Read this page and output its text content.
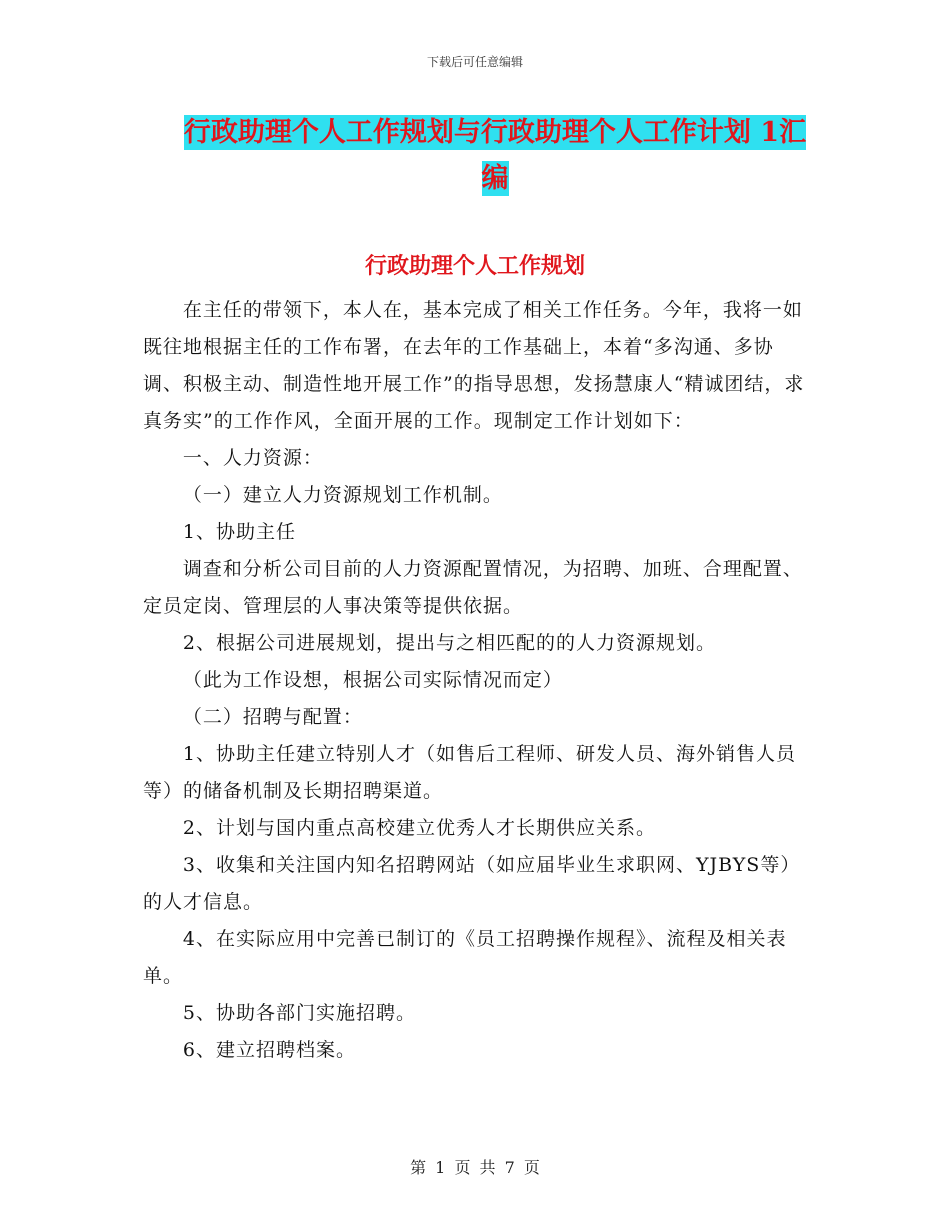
下载后可任意编辑
行政助理个人工作规划与行政助理个人工作计划 1汇编
行政助理个人工作规划

在主任的带领下，本人在，基本完成了相关工作任务。今年，我将一如既往地根据主任的工作布署，在去年的工作基础上，本着“多沟通、多协调、积极主动、制造性地开展工作”的指导思想，发扬慧康人“精诚团结，求真务实”的工作作风，全面开展的工作。现制定工作计划如下：

一、人力资源：

（一）建立人力资源规划工作机制。

1、协助主任

调查和分析公司目前的人力资源配置情况，为招聘、加班、合理配置、定员定岗、管理层的人事决策等提供依据。

2、根据公司进展规划，提出与之相匹配的的人力资源规划。

（此为工作设想，根据公司实际情况而定）

（二）招聘与配置：

1、协助主任建立特别人才（如售后工程师、研发人员、海外销售人员等）的储备机制及长期招聘渠道。

2、计划与国内重点高校建立优秀人才长期供应关系。

3、收集和关注国内知名招聘网站（如应届毕业生求职网、YJBYS等）的人才信息。

4、在实际应用中完善已制订的《员工招聘操作规程》、流程及相关表单。

5、协助各部门实施招聘。

6、建立招聘档案。

第 1 页 共 7 页
